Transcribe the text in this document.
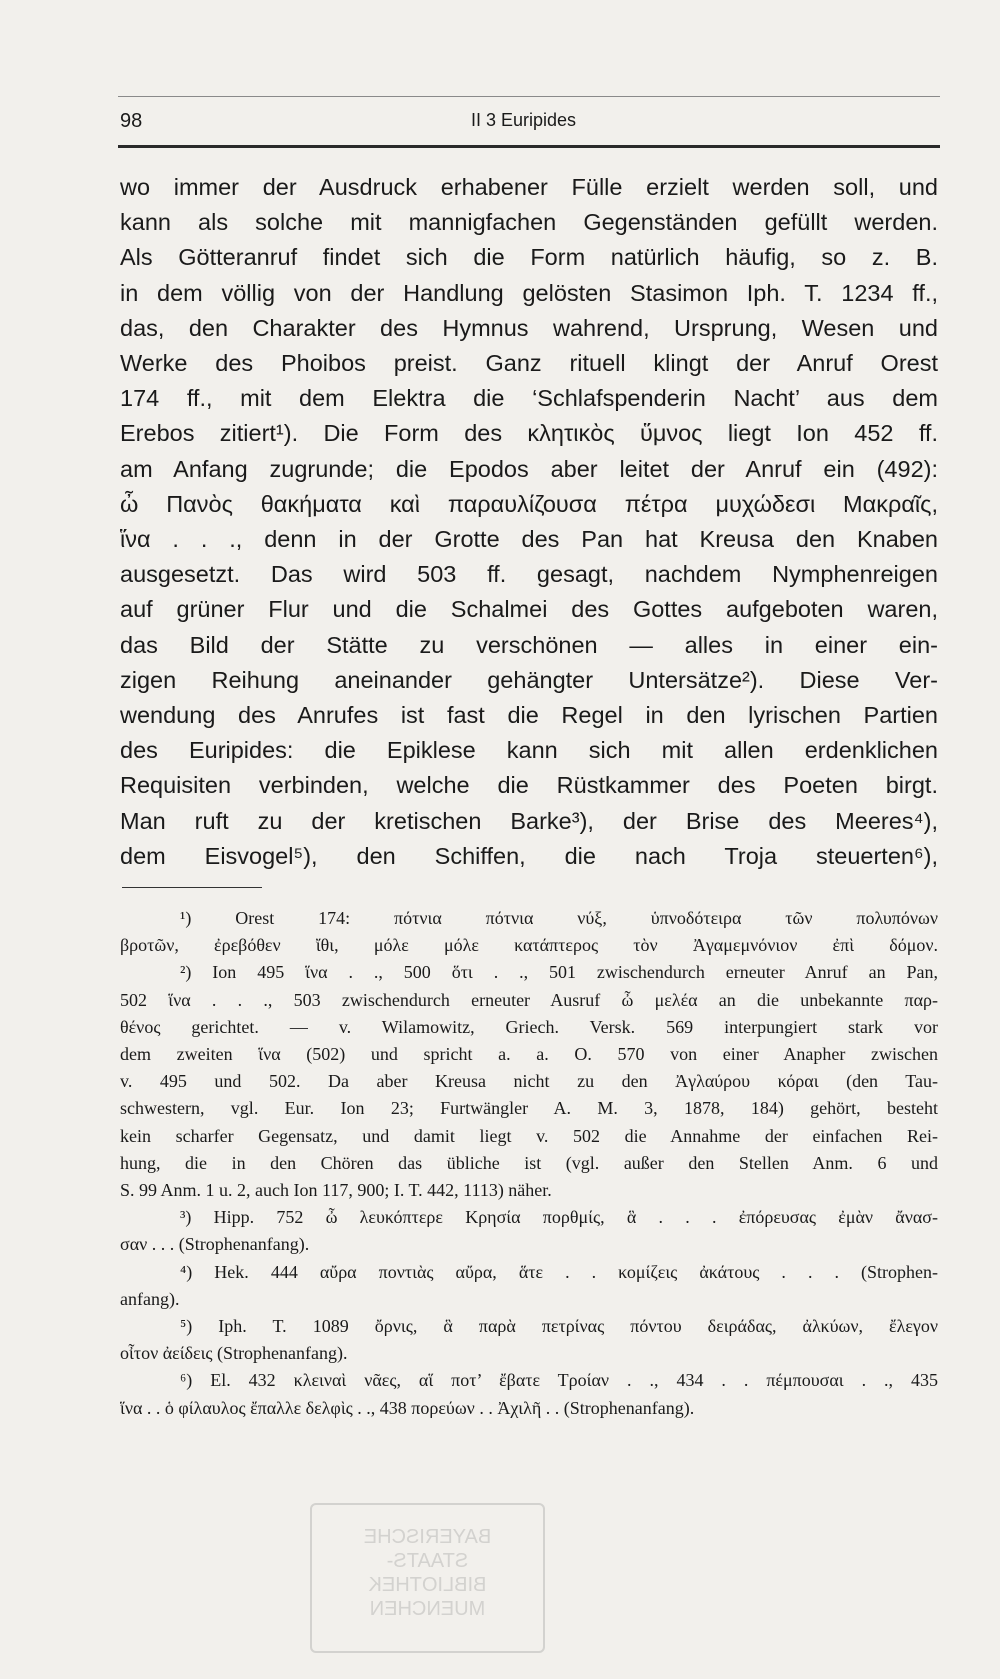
98	II 3 Euripides
wo immer der Ausdruck erhabener Fülle erzielt werden soll, und
kann als solche mit mannigfachen Gegenständen gefüllt werden.
Als Götteranruf findet sich die Form natürlich häufig, so z. B.
in dem völlig von der Handlung gelösten Stasimon Iph. T. 1234 ff.,
das, den Charakter des Hymnus wahrend, Ursprung, Wesen und
Werke des Phoibos preist. Ganz rituell klingt der Anruf Orest
174 ff., mit dem Elektra die ‘Schlafspenderin Nacht’ aus dem
Erebos zitiert¹). Die Form des κλητικὸς ὕμνος liegt Ion 452 ff.
am Anfang zugrunde; die Epodos aber leitet der Anruf ein (492):
ὦ Πανὸς θακήματα καὶ παραυλίζουσα πέτρα μυχώδεσι Μακραῖς,
ἵνα . . ., denn in der Grotte des Pan hat Kreusa den Knaben
ausgesetzt. Das wird 503 ff. gesagt, nachdem Nymphenreigen
auf grüner Flur und die Schalmei des Gottes aufgeboten waren,
das Bild der Stätte zu verschönen — alles in einer ein-
zigen Reihung aneinander gehängter Untersätze²). Diese Ver-
wendung des Anrufes ist fast die Regel in den lyrischen Partien
des Euripides: die Epiklese kann sich mit allen erdenklichen
Requisiten verbinden, welche die Rüstkammer des Poeten birgt.
Man ruft zu der kretischen Barke³), der Brise des Meeres⁴),
dem Eisvogel⁵), den Schiffen, die nach Troja steuerten⁶),
¹) Orest 174: πότνια πότνια νύξ, ὑπνοδότειρα τῶν πολυπόνων
βροτῶν, ἐρεβόθεν ἴθι, μόλε μόλε κατάπτερος τὸν Ἀγαμεμνόνιον ἐπὶ δόμον.
²) Ion 495 ἵνα . ., 500 ὅτι . ., 501 zwischendurch erneuter Anruf an Pan,
502 ἵνα . . ., 503 zwischendurch erneuter Ausruf ὦ μελέα an die unbekannte παρ-
θένος gerichtet. — v. Wilamowitz, Griech. Versk. 569 interpungiert stark vor
dem zweiten ἵνα (502) und spricht a. a. O. 570 von einer Anapher zwischen
v. 495 und 502. Da aber Kreusa nicht zu den Ἀγλαύρου κόραι (den Tau-
schwestern, vgl. Eur. Ion 23; Furtwängler A. M. 3, 1878, 184) gehört, besteht
kein scharfer Gegensatz, und damit liegt v. 502 die Annahme der einfachen Rei-
hung, die in den Chören das übliche ist (vgl. außer den Stellen Anm. 6 und
S. 99 Anm. 1 u. 2, auch Ion 117, 900; I. T. 442, 1113) näher.
³) Hipp. 752 ὦ λευκόπτερε Κρησία πορθμίς, ἃ . . . ἐπόρευσας ἐμὰν ἄνασ-
σαν . . . (Strophenanfang).
⁴) Hek. 444 αὔρα ποντιὰς αὔρα, ἅτε . . κομίζεις ἀκάτους . . . (Strophen-
anfang).
⁵) Iph. T. 1089 ὄρνις, ἃ παρὰ πετρίνας πόντου δειράδας, ἀλκύων, ἔλεγον
οἶτον ἀείδεις (Strophenanfang).
⁶) El. 432 κλειναὶ νᾶες, αἵ ποτ’ ἔβατε Τροίαν . ., 434 . . πέμπουσαι . ., 435
ἵνα . . ὁ φίλαυλος ἔπαλλε δελφὶς . ., 438 πορεύων . . Ἀχιλῆ . . (Strophenanfang).
BAYERISCHE
STAATS-
BIBLIOTHEK
MUENCHEN
